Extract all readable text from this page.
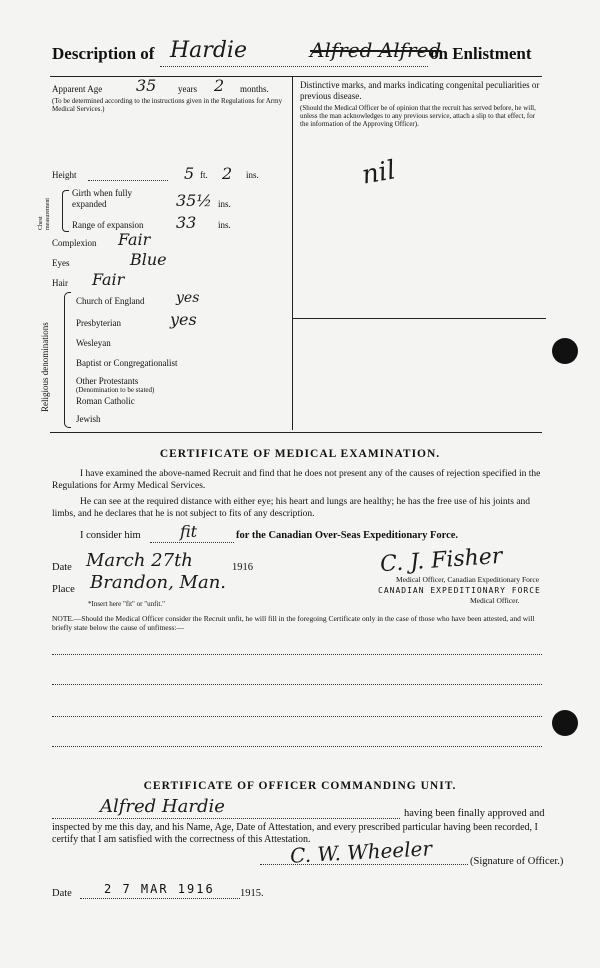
Description of Hardie	Alfred Alfred
on Enlistment
Apparent Age 35 years 2 months.
(To be determined according to the instructions given in the Regulations for Army Medical Services.)
Height	5 ft. 2 ins.
Chest measurement
Girth when fully expanded	35½ ins.
Range of expansion 33 ins.
Complexion Fair
Eyes	Blue
Hair Fair
Religious denominations
Church of England yes
Presbyterian	yes
Wesleyan
Baptist or Congregationalist
Other Protestants
(Denomination to be stated)
Roman Catholic
Jewish
Distinctive marks, and marks indicating congenital peculiarities or previous disease.
(Should the Medical Officer be of opinion that the recruit has served before, he will, unless the man acknowledges to any previous service, attach a slip to that effect, for the information of the Approving Officer).
nil
CERTIFICATE OF MEDICAL EXAMINATION.
I have examined the above-named Recruit and find that he does not present any of the causes of rejection specified in the Regulations for Army Medical Services.
He can see at the required distance with either eye; his heart and lungs are healthy; he has the free use of his joints and limbs, and he declares that he is not subject to fits of any description.
I consider him fit	for the Canadian Over-Seas Expeditionary Force.
Date March 27th	1916
Place Brandon, Man.
*Insert here "fit" or "unfit."
C. J. Fisher
Medical Officer, Canadian Expeditionary Force
CANADIAN EXPEDITIONARY FORCE
Medical Officer.
NOTE.—Should the Medical Officer consider the Recruit unfit, he will fill in the foregoing Certificate only in the case of those who have been attested, and will briefly state below the cause of unfitness:—
CERTIFICATE OF OFFICER COMMANDING UNIT.
Alfred Hardie	having been finally approved and
inspected by me this day, and his Name, Age, Date of Attestation, and every prescribed particular having been recorded, I certify that I am satisfied with the correctness of this Attestation.
C. W. Wheeler	(Signature of Officer.)
Date	2 7 MAR 1916 1915.
